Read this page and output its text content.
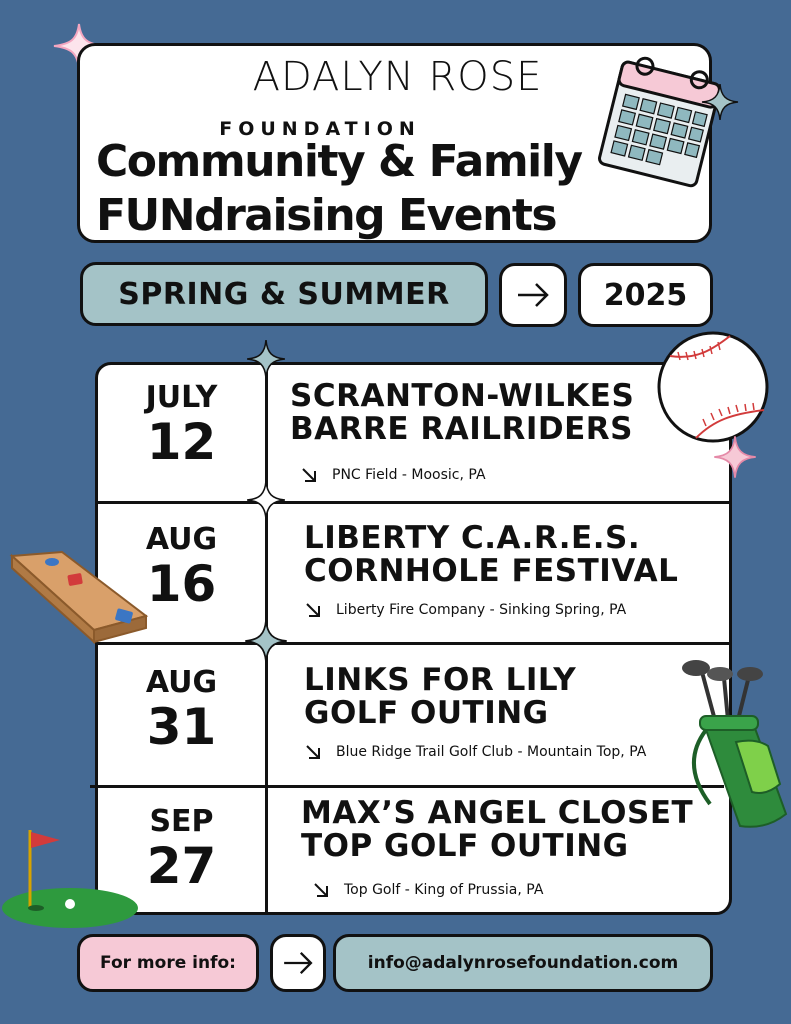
ADALYN ROSE
FOUNDATION
Community & Family
FUNdraising Events
SPRING & SUMMER	2025
JULY
12
SCRANTON-WILKES
BARRE RAILRIDERS
PNC Field - Moosic, PA
AUG
16
LIBERTY C.A.R.E.S.
CORNHOLE FESTIVAL
Liberty Fire Company - Sinking Spring, PA
AUG
31
LINKS FOR LILY
GOLF OUTING
Blue Ridge Trail Golf Club - Mountain Top, PA
SEP
27
MAX’S ANGEL CLOSET
TOP GOLF OUTING
Top Golf - King of Prussia, PA
For more info:	info@adalynrosefoundation.com
